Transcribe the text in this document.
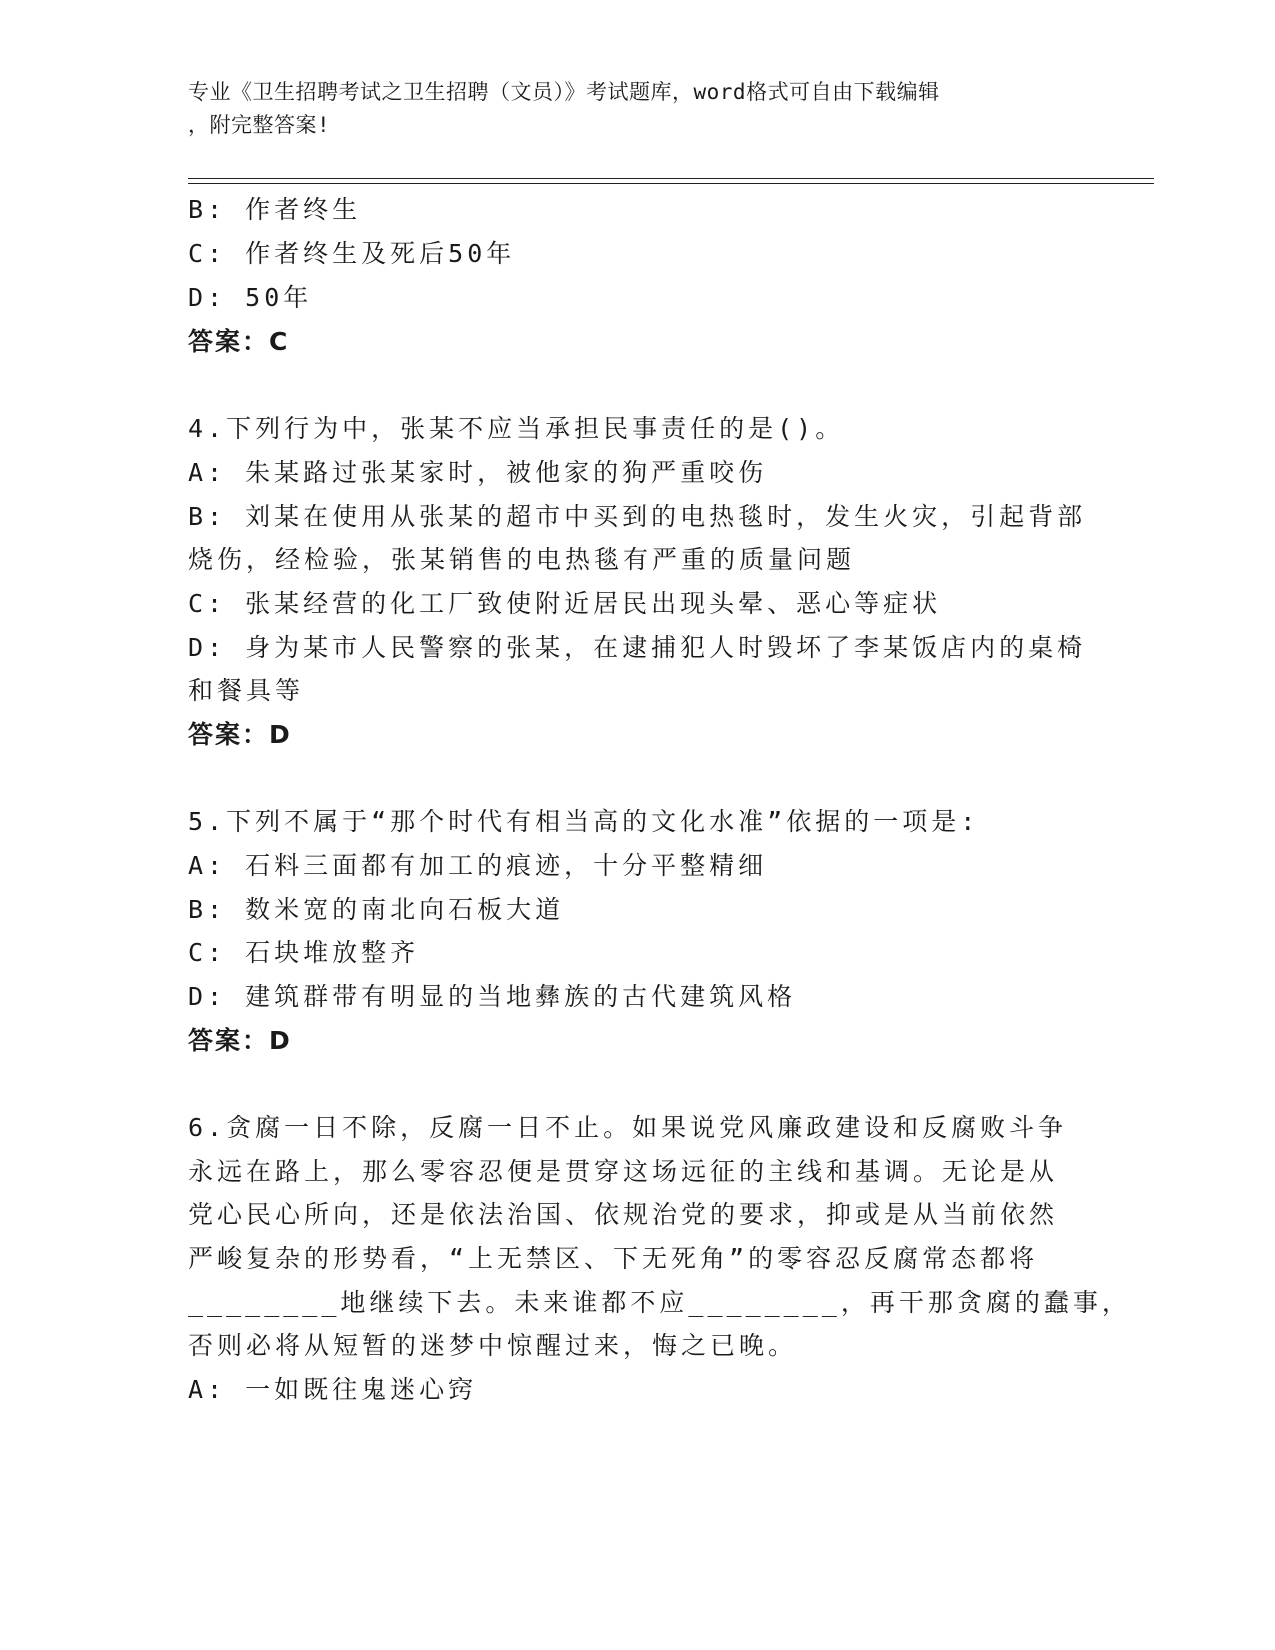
专业《卫生招聘考试之卫生招聘（文员）》考试题库，word格式可自由下载编辑
，附完整答案!
B: 作者终生
C: 作者终生及死后50年
D: 50年
答案：C
4.下列行为中，张某不应当承担民事责任的是()。
A: 朱某路过张某家时，被他家的狗严重咬伤
B: 刘某在使用从张某的超市中买到的电热毯时，发生火灾，引起背部
烧伤，经检验，张某销售的电热毯有严重的质量问题
C: 张某经营的化工厂致使附近居民出现头晕、恶心等症状
D: 身为某市人民警察的张某，在逮捕犯人时毁坏了李某饭店内的桌椅
和餐具等
答案：D
5.下列不属于“那个时代有相当高的文化水准”依据的一项是:
A: 石料三面都有加工的痕迹，十分平整精细
B: 数米宽的南北向石板大道
C: 石块堆放整齐
D: 建筑群带有明显的当地彝族的古代建筑风格
答案：D
6.贪腐一日不除，反腐一日不止。如果说党风廉政建设和反腐败斗争
永远在路上，那么零容忍便是贯穿这场远征的主线和基调。无论是从
党心民心所向，还是依法治国、依规治党的要求，抑或是从当前依然
严峻复杂的形势看，“上无禁区、下无死角”的零容忍反腐常态都将
________地继续下去。未来谁都不应________，再干那贪腐的蠢事，
否则必将从短暂的迷梦中惊醒过来，悔之已晚。
A: 一如既往鬼迷心窍
